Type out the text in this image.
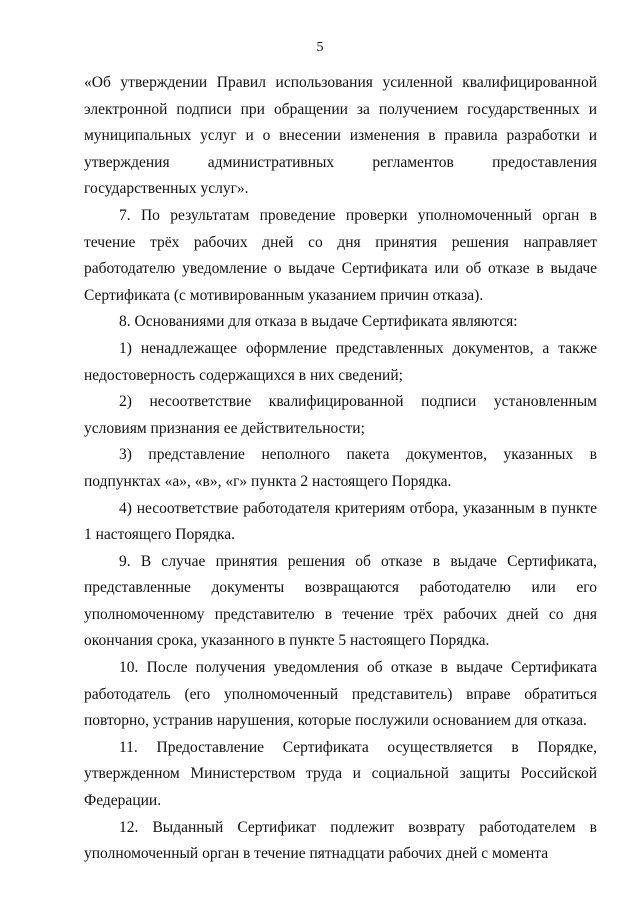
5

«Об утверждении Правил использования усиленной квалифицированной электронной подписи при обращении за получением государственных и муниципальных услуг и о внесении изменения в правила разработки и утверждения административных регламентов предоставления государственных услуг».

7. По результатам проведение проверки уполномоченный орган в течение трёх рабочих дней со дня принятия решения направляет работодателю уведомление о выдаче Сертификата или об отказе в выдаче Сертификата (с мотивированным указанием причин отказа).

8. Основаниями для отказа в выдаче Сертификата являются:

1) ненадлежащее оформление представленных документов, а также недостоверность содержащихся в них сведений;

2) несоответствие квалифицированной подписи установленным условиям признания ее действительности;

3) представление неполного пакета документов, указанных в подпунктах «а», «в», «г» пункта 2 настоящего Порядка.

4) несоответствие работодателя критериям отбора, указанным в пункте 1 настоящего Порядка.

9. В случае принятия решения об отказе в выдаче Сертификата, представленные документы возвращаются работодателю или его уполномоченному представителю в течение трёх рабочих дней со дня окончания срока, указанного в пункте 5 настоящего Порядка.

10. После получения уведомления об отказе в выдаче Сертификата работодатель (его уполномоченный представитель) вправе обратиться повторно, устранив нарушения, которые послужили основанием для отказа.

11. Предоставление Сертификата осуществляется в Порядке, утвержденном Министерством труда и социальной защиты Российской Федерации.

12. Выданный Сертификат подлежит возврату работодателем в уполномоченный орган в течение пятнадцати рабочих дней с момента
